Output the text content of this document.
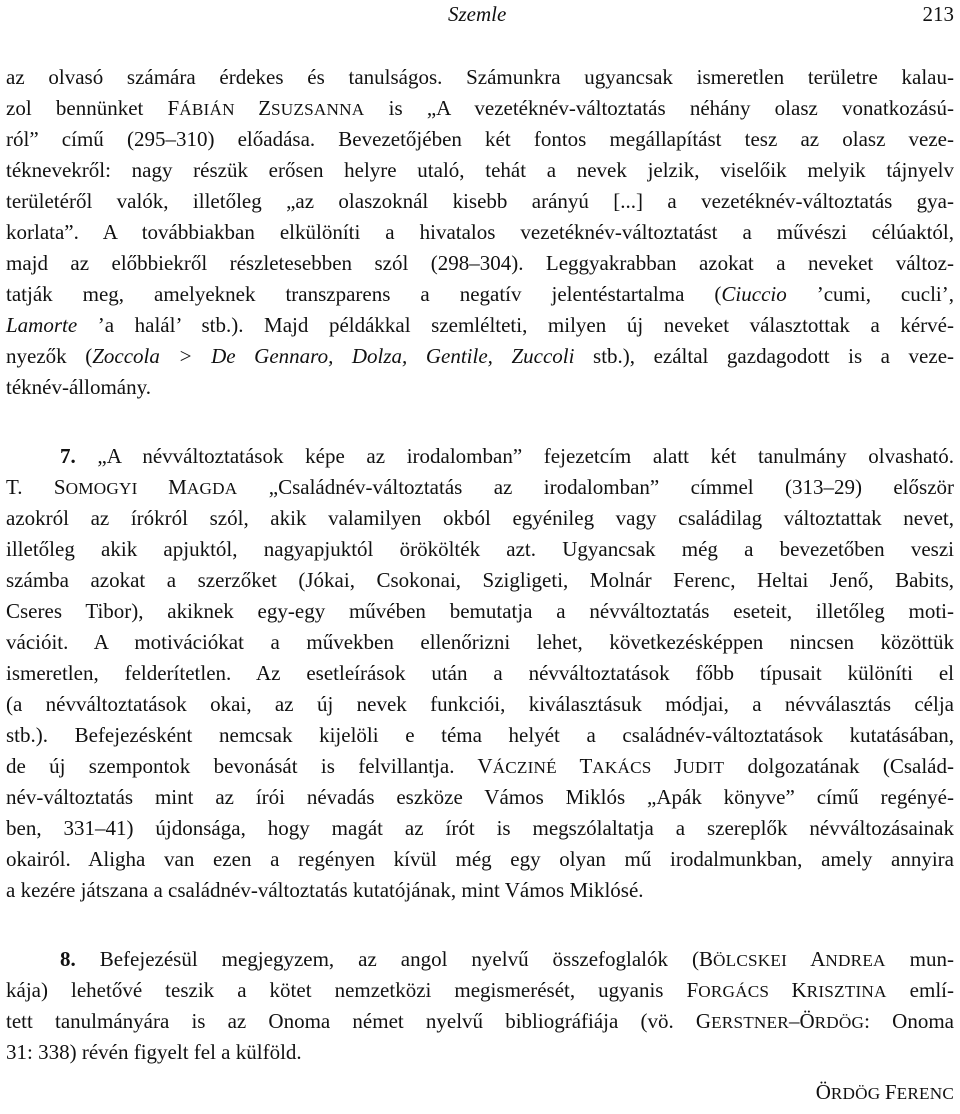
Szemle	213
az olvasó számára érdekes és tanulságos. Számunkra ugyancsak ismeretlen területre kalau-
zol bennünket FÁBIÁN ZSUZSANNA is „A vezetéknév-változtatás néhány olasz vonatkozású-
ról” című (295–310) előadása. Bevezetőjében két fontos megállapítást tesz az olasz veze-
téknevekről: nagy részük erősen helyre utaló, tehát a nevek jelzik, viselőik melyik tájnyelv
területéről valók, illetőleg „az olaszoknál kisebb arányú [...] a vezetéknév-változtatás gya-
korlata”. A továbbiakban elkülöníti a hivatalos vezetéknév-változtatást a művészi célúaktól,
majd az előbbiekről részletesebben szól (298–304). Leggyakrabban azokat a neveket változ-
tatják meg, amelyeknek transzparens a negatív jelentéstartalma (Ciuccio ’cumi, cucli’,
Lamorte ’a halál’ stb.). Majd példákkal szemlélteti, milyen új neveket választottak a kérvé-
nyezők (Zoccola > De Gennaro, Dolza, Gentile, Zuccoli stb.), ezáltal gazdagodott is a veze-
téknév-állomány.
7. „A névváltoztatások képe az irodalomban” fejezetcím alatt két tanulmány olvasható.
T. SOMOGYI MAGDA „Családnév-változtatás az irodalomban” címmel (313–29) először
azokról az írókról szól, akik valamilyen okból egyénileg vagy családilag változtattak nevet,
illetőleg akik apjuktól, nagyapjuktól örökölték azt. Ugyancsak még a bevezetőben veszi
számba azokat a szerzőket (Jókai, Csokonai, Szigligeti, Molnár Ferenc, Heltai Jenő, Babits,
Cseres Tibor), akiknek egy-egy művében bemutatja a névváltoztatás eseteit, illetőleg moti-
vációit. A motivációkat a művekben ellenőrizni lehet, következésképpen nincsen közöttük
ismeretlen, felderítetlen. Az esetleírások után a névváltoztatások főbb típusait különíti el
(a névváltoztatások okai, az új nevek funkciói, kiválasztásuk módjai, a névválasztás célja
stb.). Befejezésként nemcsak kijelöli e téma helyét a családnév-változtatások kutatásában,
de új szempontok bevonását is felvillantja. VÁCZINÉ TAKÁCS JUDIT dolgozatának (Család-
név-változtatás mint az írói névadás eszköze Vámos Miklós „Apák könyve” című regényé-
ben, 331–41) újdonsága, hogy magát az írót is megszólaltatja a szereplők névváltozásainak
okairól. Aligha van ezen a regényen kívül még egy olyan mű irodalmunkban, amely annyira
a kezére játszana a családnév-változtatás kutatójának, mint Vámos Miklósé.
8. Befejezésül megjegyzem, az angol nyelvű összefoglalók (BÖLCSKEI ANDREA mun-
kája) lehetővé teszik a kötet nemzetközi megismerését, ugyanis FORGÁCS KRISZTINA emlí-
tett tanulmányára is az Onoma német nyelvű bibliográfiája (vö. GERSTNER–ÖRDÖG: Onoma
31: 338) révén figyelt fel a külföld.
ÖRDÖG FERENC
